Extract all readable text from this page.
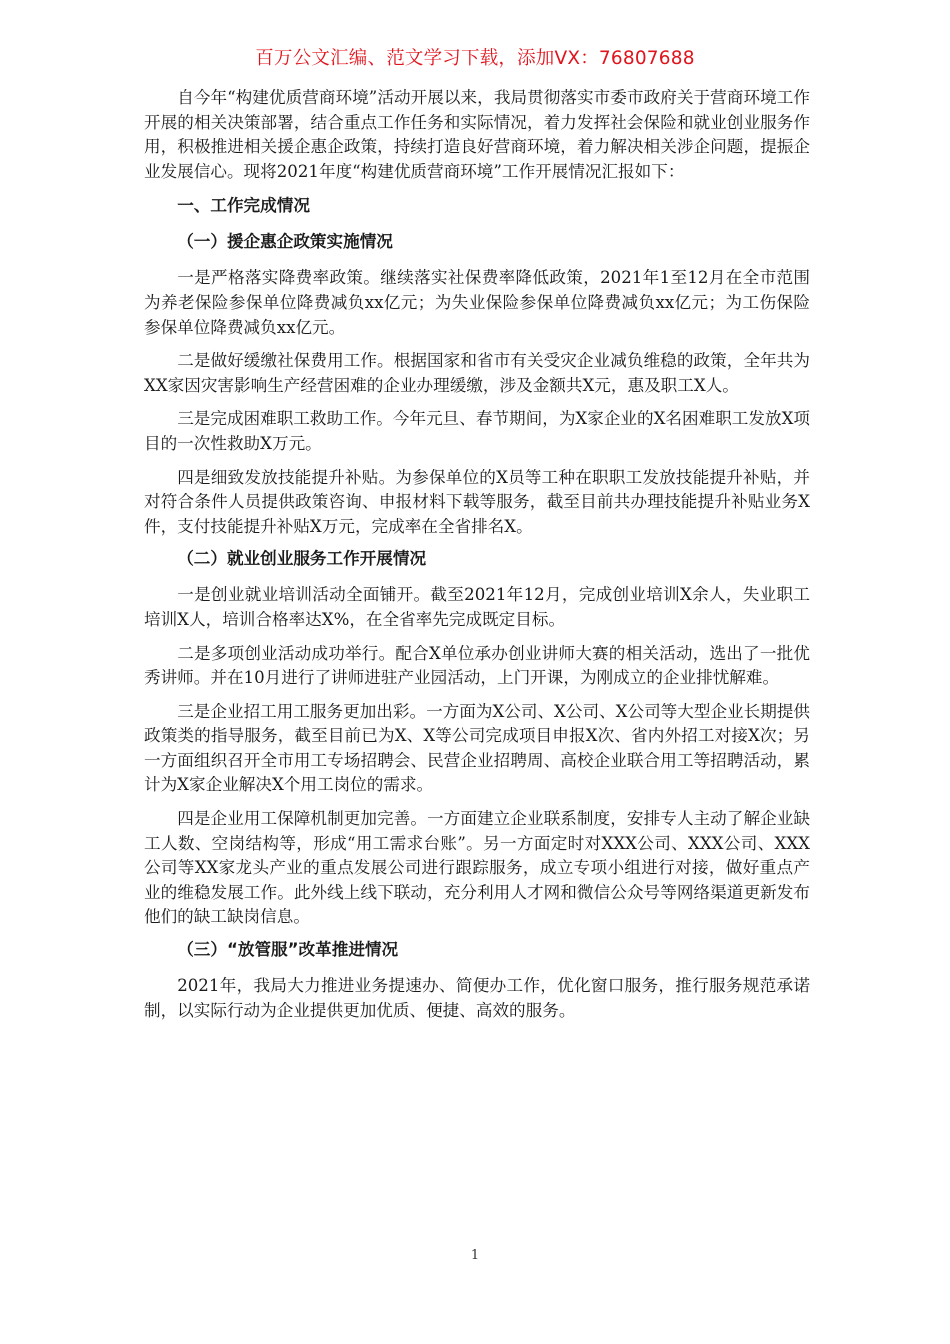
百万公文汇编、范文学习下载，添加VX：76807688

自今年“构建优质营商环境”活动开展以来，我局贯彻落实市委市政府关于营商环境工作开展的相关决策部署，结合重点工作任务和实际情况，着力发挥社会保险和就业创业服务作用，积极推进相关援企惠企政策，持续打造良好营商环境，着力解决相关涉企问题，提振企业发展信心。现将2021年度“构建优质营商环境”工作开展情况汇报如下：

一、工作完成情况
（一）援企惠企政策实施情况

一是严格落实降费率政策。继续落实社保费率降低政策，2021年1至12月在全市范围为养老保险参保单位降费减负xx亿元；为失业保险参保单位降费减负xx亿元；为工伤保险参保单位降费减负xx亿元。

二是做好缓缴社保费用工作。根据国家和省市有关受灾企业减负维稳的政策，全年共为XX家因灾害影响生产经营困难的企业办理缓缴，涉及金额共X元，惠及职工X人。

三是完成困难职工救助工作。今年元旦、春节期间，为X家企业的X名困难职工发放X项目的一次性救助X万元。

四是细致发放技能提升补贴。为参保单位的X员等工种在职职工发放技能提升补贴，并对符合条件人员提供政策咨询、申报材料下载等服务，截至目前共办理技能提升补贴业务X件，支付技能提升补贴X万元，完成率在全省排名X。

（二）就业创业服务工作开展情况

一是创业就业培训活动全面铺开。截至2021年12月，完成创业培训X余人，失业职工培训X人，培训合格率达X%，在全省率先完成既定目标。

二是多项创业活动成功举行。配合X单位承办创业讲师大赛的相关活动，选出了一批优秀讲师。并在10月进行了讲师进驻产业园活动，上门开课，为刚成立的企业排忧解难。

三是企业招工用工服务更加出彩。一方面为X公司、X公司、X公司等大型企业长期提供政策类的指导服务，截至目前已为X、X等公司完成项目申报X次、省内外招工对接X次；另一方面组织召开全市用工专场招聘会、民营企业招聘周、高校企业联合用工等招聘活动，累计为X家企业解决X个用工岗位的需求。

四是企业用工保障机制更加完善。一方面建立企业联系制度，安排专人主动了解企业缺工人数、空岗结构等，形成“用工需求台账”。另一方面定时对XXX公司、XXX公司、XXX公司等XX家龙头产业的重点发展公司进行跟踪服务，成立专项小组进行对接，做好重点产业的维稳发展工作。此外线上线下联动，充分利用人才网和微信公众号等网络渠道更新发布他们的缺工缺岗信息。

（三）“放管服”改革推进情况

2021年，我局大力推进业务提速办、简便办工作，优化窗口服务，推行服务规范承诺制，以实际行动为企业提供更加优质、便捷、高效的服务。

1
